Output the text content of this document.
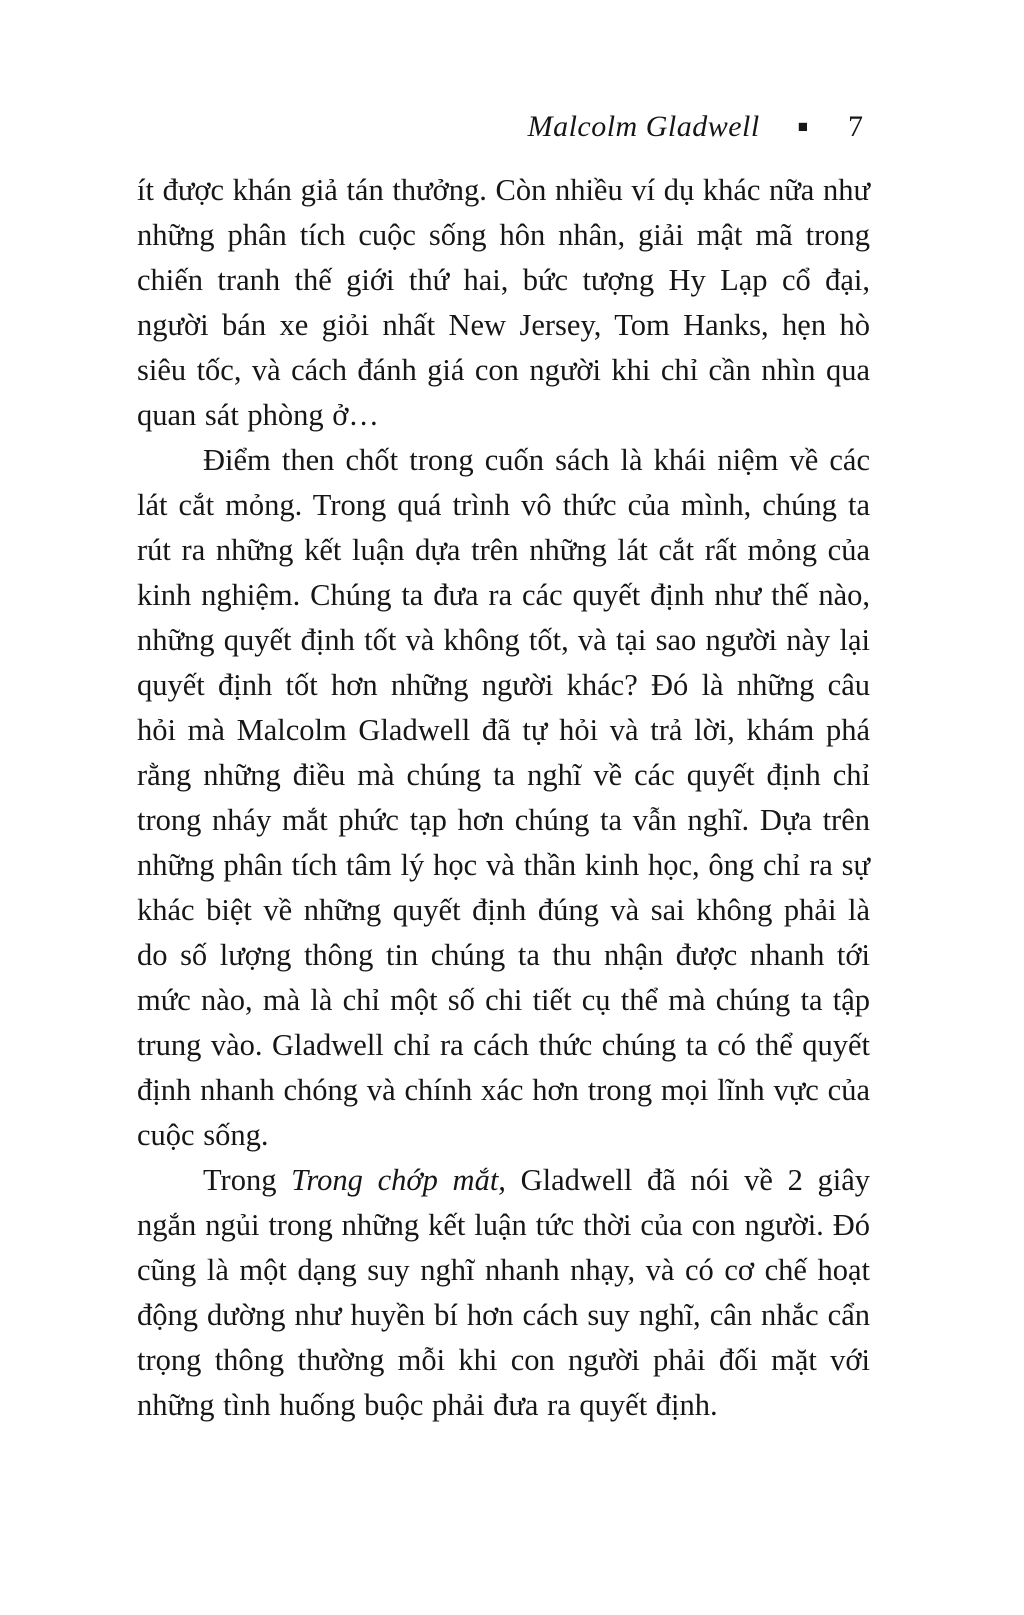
Malcolm Gladwell ■ 7

ít được khán giả tán thưởng. Còn nhiều ví dụ khác nữa như những phân tích cuộc sống hôn nhân, giải mật mã trong chiến tranh thế giới thứ hai, bức tượng Hy Lạp cổ đại, người bán xe giỏi nhất New Jersey, Tom Hanks, hẹn hò siêu tốc, và cách đánh giá con người khi chỉ cần nhìn qua quan sát phòng ở…

Điểm then chốt trong cuốn sách là khái niệm về các lát cắt mỏng. Trong quá trình vô thức của mình, chúng ta rút ra những kết luận dựa trên những lát cắt rất mỏng của kinh nghiệm. Chúng ta đưa ra các quyết định như thế nào, những quyết định tốt và không tốt, và tại sao người này lại quyết định tốt hơn những người khác? Đó là những câu hỏi mà Malcolm Gladwell đã tự hỏi và trả lời, khám phá rằng những điều mà chúng ta nghĩ về các quyết định chỉ trong nháy mắt phức tạp hơn chúng ta vẫn nghĩ. Dựa trên những phân tích tâm lý học và thần kinh học, ông chỉ ra sự khác biệt về những quyết định đúng và sai không phải là do số lượng thông tin chúng ta thu nhận được nhanh tới mức nào, mà là chỉ một số chi tiết cụ thể mà chúng ta tập trung vào. Gladwell chỉ ra cách thức chúng ta có thể quyết định nhanh chóng và chính xác hơn trong mọi lĩnh vực của cuộc sống.

Trong Trong chớp mắt, Gladwell đã nói về 2 giây ngắn ngủi trong những kết luận tức thời của con người. Đó cũng là một dạng suy nghĩ nhanh nhạy, và có cơ chế hoạt động dường như huyền bí hơn cách suy nghĩ, cân nhắc cẩn trọng thông thường mỗi khi con người phải đối mặt với những tình huống buộc phải đưa ra quyết định.
